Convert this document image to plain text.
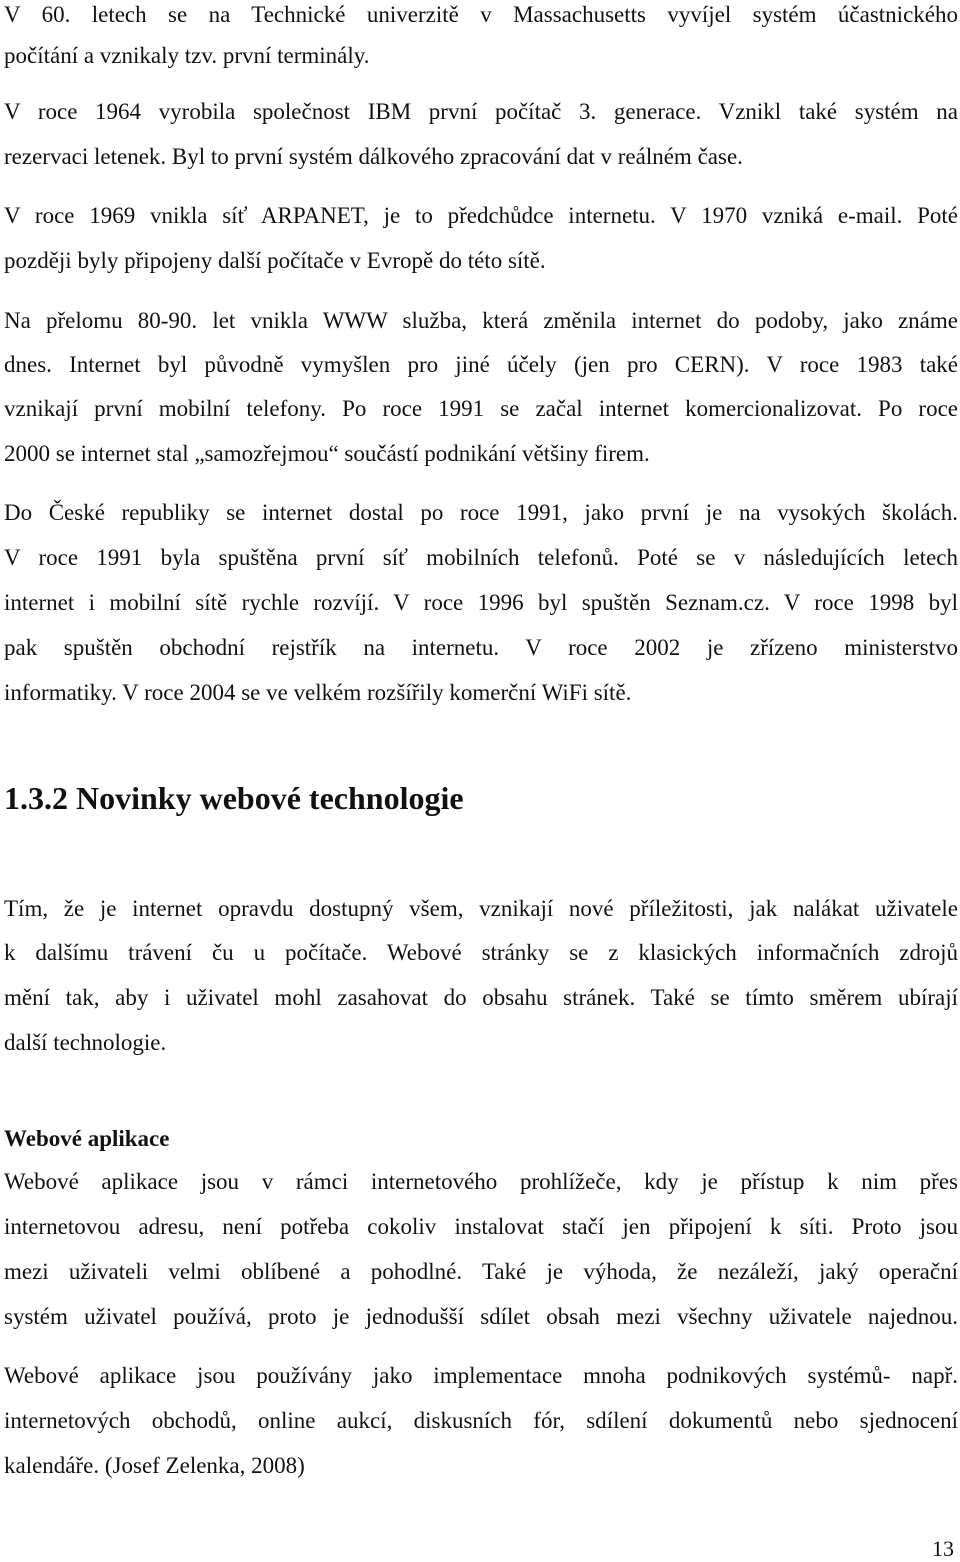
V 60. letech se na Technické univerzitě v Massachusetts vyvíjel systém účastnického
počítání a vznikaly tzv. první terminály.
V roce 1964 vyrobila společnost IBM první počítač 3. generace. Vznikl také systém na
rezervaci letenek. Byl to první systém dálkového zpracování dat v reálném čase.
V roce 1969 vnikla síť ARPANET, je to předchůdce internetu. V 1970 vzniká e-mail. Poté
později byly připojeny další počítače v Evropě do této sítě.
Na přelomu 80-90. let vnikla WWW služba, která změnila internet do podoby, jako známe
dnes. Internet byl původně vymyšlen pro jiné účely (jen pro CERN). V roce 1983 také
vznikají první mobilní telefony. Po roce 1991 se začal internet komercionalizovat. Po roce
2000 se internet stal „samozřejmou“ součástí podnikání většiny firem.
Do České republiky se internet dostal po roce 1991, jako první je na vysokých školách.
V roce 1991 byla spuštěna první síť mobilních telefonů. Poté se v následujících letech
internet i mobilní sítě rychle rozvíjí. V roce 1996 byl spuštěn Seznam.cz. V roce 1998 byl
pak spuštěn obchodní rejstřík na internetu. V roce 2002 je zřízeno ministerstvo
informatiky. V roce 2004 se ve velkém rozšířily komerční WiFi sítě.
1.3.2 Novinky webové technologie
Tím, že je internet opravdu dostupný všem, vznikají nové příležitosti, jak nalákat uživatele
k dalšímu trávení ču u počítače. Webové stránky se z klasických informačních zdrojů
mění tak, aby i uživatel mohl zasahovat do obsahu stránek. Také se tímto směrem ubírají
další technologie.
Webové aplikace
Webové aplikace jsou v rámci internetového prohlížeče, kdy je přístup k nim přes
internetovou adresu, není potřeba cokoliv instalovat stačí jen připojení k síti. Proto jsou
mezi uživateli velmi oblíbené a pohodlné. Také je výhoda, že nezáleží, jaký operační
systém uživatel používá, proto je jednodušší sdílet obsah mezi všechny uživatele najednou.
Webové aplikace jsou používány jako implementace mnoha podnikových systémů- např.
internetových obchodů, online aukcí, diskusních fór, sdílení dokumentů nebo sjednocení
kalendáře. (Josef Zelenka, 2008)
13
